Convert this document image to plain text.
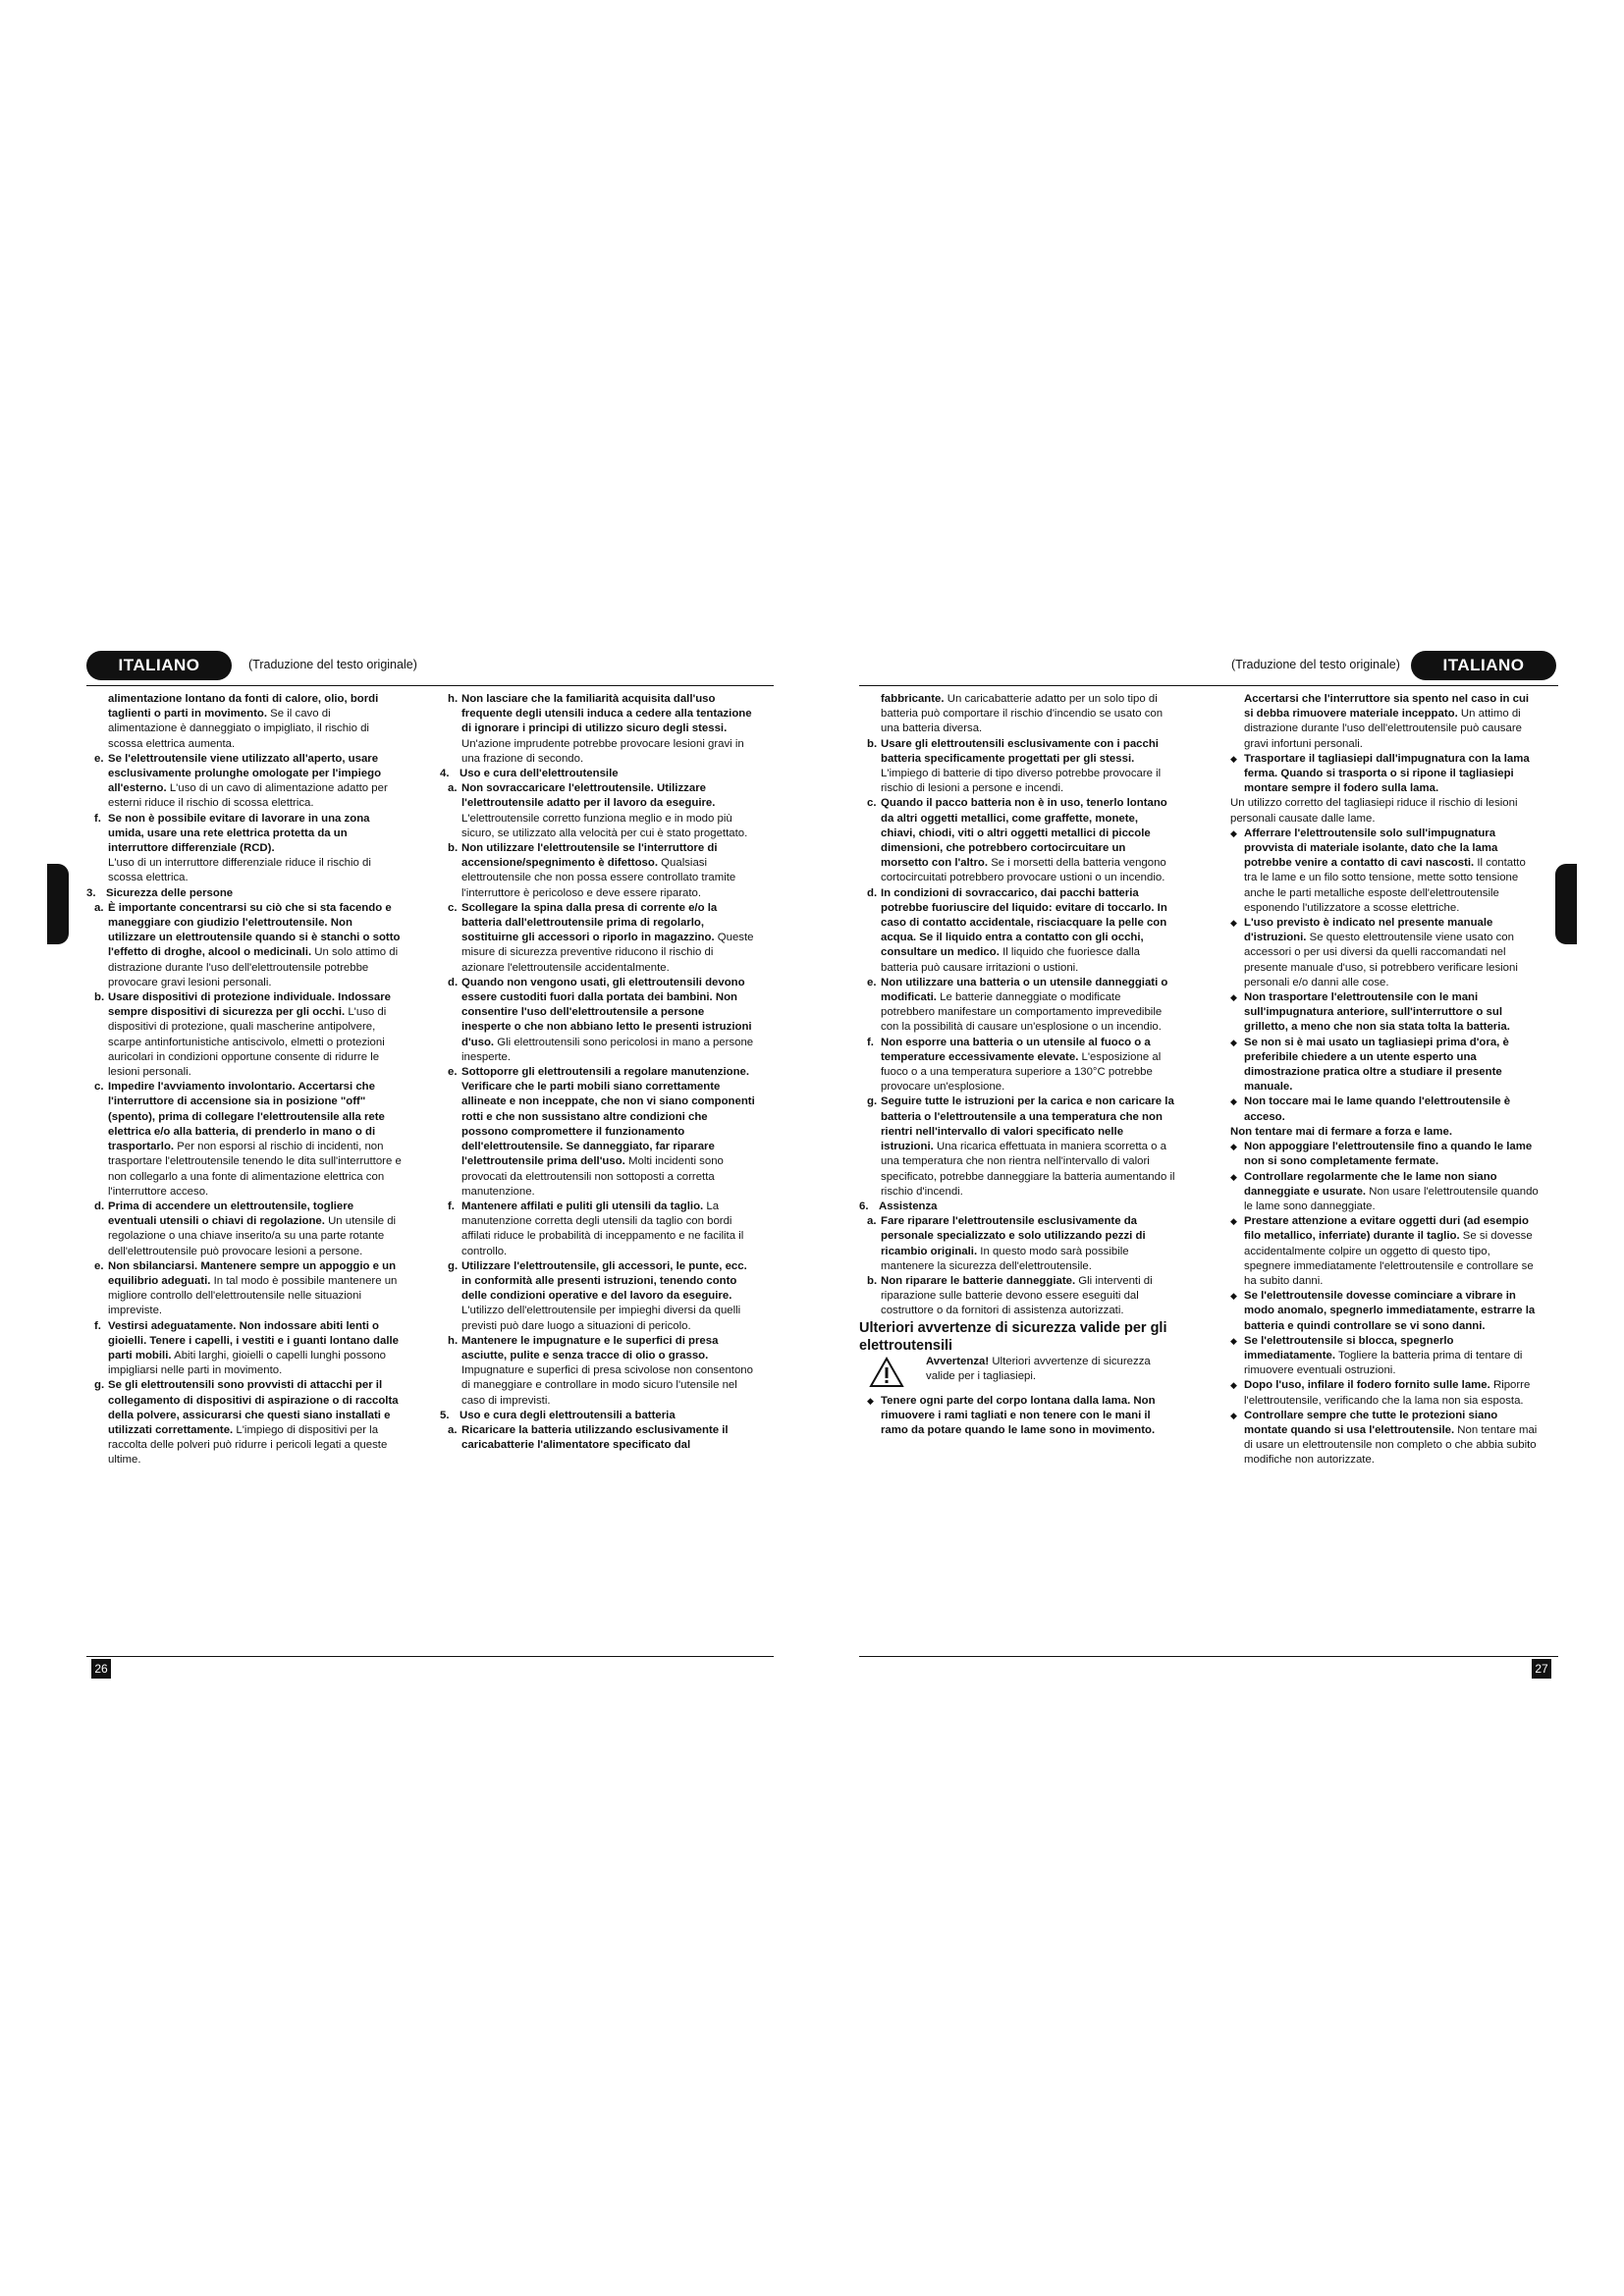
ITALIANO	(Traduzione del testo originale)

alimentazione lontano da fonti di calore, olio, bordi taglienti o parti in movimento. Se il cavo di alimentazione è danneggiato o impigliato, il rischio di scossa elettrica aumenta.

e. Se l'elettroutensile viene utilizzato all'aperto, usare esclusivamente prolunghe omologate per l'impiego all'esterno. L'uso di un cavo di alimentazione adatto per esterni riduce il rischio di scossa elettrica.

f. Se non è possibile evitare di lavorare in una zona umida, usare una rete elettrica protetta da un interruttore differenziale (RCD).

L'uso di un interruttore differenziale riduce il rischio di scossa elettrica.

3. Sicurezza delle persone

a. È importante concentrarsi su ciò che si sta facendo e maneggiare con giudizio l'elettroutensile. Non utilizzare un elettroutensile quando si è stanchi o sotto l'effetto di droghe, alcool o medicinali. Un solo attimo di distrazione durante l'uso dell'elettroutensile potrebbe provocare gravi lesioni personali.

b. Usare dispositivi di protezione individuale. Indossare sempre dispositivi di sicurezza per gli occhi. L'uso di dispositivi di protezione, quali mascherine antipolvere, scarpe antinfortunistiche antiscivolo, elmetti o protezioni auricolari in condizioni opportune consente di ridurre le lesioni personali.

c. Impedire l'avviamento involontario. Accertarsi che l'interruttore di accensione sia in posizione "off" (spento), prima di collegare l'elettroutensile alla rete elettrica e/o alla batteria, di prenderlo in mano o di trasportarlo. Per non esporsi al rischio di incidenti, non trasportare l'elettroutensile tenendo le dita sull'interruttore e non collegarlo a una fonte di alimentazione elettrica con l'interruttore acceso.

d. Prima di accendere un elettroutensile, togliere eventuali utensili o chiavi di regolazione. Un utensile di regolazione o una chiave inserito/a su una parte rotante dell'elettroutensile può provocare lesioni a persone.

e. Non sbilanciarsi. Mantenere sempre un appoggio e un equilibrio adeguati. In tal modo è possibile mantenere un migliore controllo dell'elettroutensile nelle situazioni impreviste.

f. Vestirsi adeguatamente. Non indossare abiti lenti o gioielli. Tenere i capelli, i vestiti e i guanti lontano dalle parti mobili. Abiti larghi, gioielli o capelli lunghi possono impigliarsi nelle parti in movimento.

g. Se gli elettroutensili sono provvisti di attacchi per il collegamento di dispositivi di aspirazione o di raccolta della polvere, assicurarsi che questi siano installati e utilizzati correttamente. L'impiego di dispositivi per la raccolta delle polveri può ridurre i pericoli legati a queste ultime.

h. Non lasciare che la familiarità acquisita dall'uso frequente degli utensili induca a cedere alla tentazione di ignorare i principi di utilizzo sicuro degli stessi. Un'azione imprudente potrebbe provocare lesioni gravi in una frazione di secondo.

4. Uso e cura dell'elettroutensile

a. Non sovraccaricare l'elettroutensile. Utilizzare l'elettroutensile adatto per il lavoro da eseguire. L'elettroutensile corretto funziona meglio e in modo più sicuro, se utilizzato alla velocità per cui è stato progettato.

b. Non utilizzare l'elettroutensile se l'interruttore di accensione/spegnimento è difettoso. Qualsiasi elettroutensile che non possa essere controllato tramite l'interruttore è pericoloso e deve essere riparato.

c. Scollegare la spina dalla presa di corrente e/o la batteria dall'elettroutensile prima di regolarlo, sostituirne gli accessori o riporlo in magazzino. Queste misure di sicurezza preventive riducono il rischio di azionare l'elettroutensile accidentalmente.

d. Quando non vengono usati, gli elettroutensili devono essere custoditi fuori dalla portata dei bambini. Non consentire l'uso dell'elettroutensile a persone inesperte o che non abbiano letto le presenti istruzioni d'uso. Gli elettroutensili sono pericolosi in mano a persone inesperte.

e. Sottoporre gli elettroutensili a regolare manutenzione. Verificare che le parti mobili siano correttamente allineate e non inceppate, che non vi siano componenti rotti e che non sussistano altre condizioni che possono compromettere il funzionamento dell'elettroutensile. Se danneggiato, far riparare l'elettroutensile prima dell'uso. Molti incidenti sono provocati da elettroutensili non sottoposti a corretta manutenzione.

f. Mantenere affilati e puliti gli utensili da taglio. La manutenzione corretta degli utensili da taglio con bordi affilati riduce le probabilità di inceppamento e ne facilita il controllo.

g. Utilizzare l'elettroutensile, gli accessori, le punte, ecc. in conformità alle presenti istruzioni, tenendo conto delle condizioni operative e del lavoro da eseguire. L'utilizzo dell'elettroutensile per impieghi diversi da quelli previsti può dare luogo a situazioni di pericolo.

h. Mantenere le impugnature e le superfici di presa asciutte, pulite e senza tracce di olio o grasso. Impugnature e superfici di presa scivolose non consentono di maneggiare e controllare in modo sicuro l'utensile nel caso di imprevisti.

5. Uso e cura degli elettroutensili a batteria

a. Ricaricare la batteria utilizzando esclusivamente il caricabatterie l'alimentatore specificato dal

26
(Traduzione del testo originale)	ITALIANO

fabbricante. Un caricabatterie adatto per un solo tipo di batteria può comportare il rischio d'incendio se usato con una batteria diversa.

b. Usare gli elettroutensili esclusivamente con i pacchi batteria specificamente progettati per gli stessi. L'impiego di batterie di tipo diverso potrebbe provocare il rischio di lesioni a persone e incendi.

c. Quando il pacco batteria non è in uso, tenerlo lontano da altri oggetti metallici, come graffette, monete, chiavi, chiodi, viti o altri oggetti metallici di piccole dimensioni, che potrebbero cortocircuitare un morsetto con l'altro. Se i morsetti della batteria vengono cortocircuitati potrebbero provocare ustioni o un incendio.

d. In condizioni di sovraccarico, dai pacchi batteria potrebbe fuoriuscire del liquido: evitare di toccarlo. In caso di contatto accidentale, risciacquare la pelle con acqua. Se il liquido entra a contatto con gli occhi, consultare un medico. Il liquido che fuoriesce dalla batteria può causare irritazioni o ustioni.

e. Non utilizzare una batteria o un utensile danneggiati o modificati. Le batterie danneggiate o modificate potrebbero manifestare un comportamento imprevedibile con la possibilità di causare un'esplosione o un incendio.

f. Non esporre una batteria o un utensile al fuoco o a temperature eccessivamente elevate. L'esposizione al fuoco o a una temperatura superiore a 130°C potrebbe provocare un'esplosione.

g. Seguire tutte le istruzioni per la carica e non caricare la batteria o l'elettroutensile a una temperatura che non rientri nell'intervallo di valori specificato nelle istruzioni. Una ricarica effettuata in maniera scorretta o a una temperatura che non rientra nell'intervallo di valori specificato, potrebbe danneggiare la batteria aumentando il rischio d'incendi.

6. Assistenza

a. Fare riparare l'elettroutensile esclusivamente da personale specializzato e solo utilizzando pezzi di ricambio originali. In questo modo sarà possibile mantenere la sicurezza dell'elettroutensile.

b. Non riparare le batterie danneggiate. Gli interventi di riparazione sulle batterie devono essere eseguiti dal costruttore o da fornitori di assistenza autorizzati.

Ulteriori avvertenze di sicurezza valide per gli elettroutensili

Avvertenza! Ulteriori avvertenze di sicurezza valide per i tagliasiepi.

◆ Tenere ogni parte del corpo lontana dalla lama. Non rimuovere i rami tagliati e non tenere con le mani il ramo da potare quando le lame sono in movimento.

Accertarsi che l'interruttore sia spento nel caso in cui si debba rimuovere materiale inceppato. Un attimo di distrazione durante l'uso dell'elettroutensile può causare gravi infortuni personali.

◆ Trasportare il tagliasiepi dall'impugnatura con la lama ferma. Quando si trasporta o si ripone il tagliasiepi montare sempre il fodero sulla lama.

Un utilizzo corretto del tagliasiepi riduce il rischio di lesioni personali causate dalle lame.

◆ Afferrare l'elettroutensile solo sull'impugnatura provvista di materiale isolante, dato che la lama potrebbe venire a contatto di cavi nascosti. Il contatto tra le lame e un filo sotto tensione, mette sotto tensione anche le parti metalliche esposte dell'elettroutensile esponendo l'utilizzatore a scosse elettriche.

◆ L'uso previsto è indicato nel presente manuale d'istruzioni. Se questo elettroutensile viene usato con accessori o per usi diversi da quelli raccomandati nel presente manuale d'uso, si potrebbero verificare lesioni personali e/o danni alle cose.

◆ Non trasportare l'elettroutensile con le mani sull'impugnatura anteriore, sull'interruttore o sul grilletto, a meno che non sia stata tolta la batteria.

◆ Se non si è mai usato un tagliasiepi prima d'ora, è preferibile chiedere a un utente esperto una dimostrazione pratica oltre a studiare il presente manuale.

◆ Non toccare mai le lame quando l'elettroutensile è acceso.

Non tentare mai di fermare a forza e lame.

◆ Non appoggiare l'elettroutensile fino a quando le lame non si sono completamente fermate.

◆ Controllare regolarmente che le lame non siano danneggiate e usurate. Non usare l'elettroutensile quando le lame sono danneggiate.

◆ Prestare attenzione a evitare oggetti duri (ad esempio filo metallico, inferriate) durante il taglio. Se si dovesse accidentalmente colpire un oggetto di questo tipo, spegnere immediatamente l'elettroutensile e controllare se ha subito danni.

◆ Se l'elettroutensile dovesse cominciare a vibrare in modo anomalo, spegnerlo immediatamente, estrarre la batteria e quindi controllare se vi sono danni.

◆ Se l'elettroutensile si blocca, spegnerlo immediatamente. Togliere la batteria prima di tentare di rimuovere eventuali ostruzioni.

◆ Dopo l'uso, infilare il fodero fornito sulle lame. Riporre l'elettroutensile, verificando che la lama non sia esposta.

◆ Controllare sempre che tutte le protezioni siano montate quando si usa l'elettroutensile. Non tentare mai di usare un elettroutensile non completo o che abbia subito modifiche non autorizzate.

27
